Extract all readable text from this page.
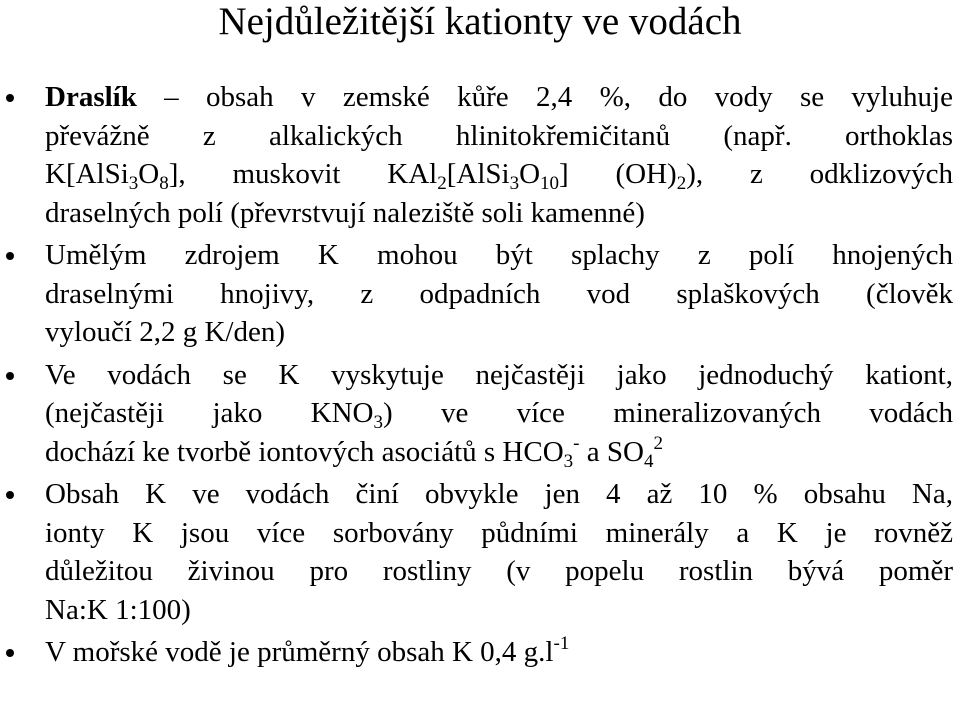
Nejdůležitější kationty ve vodách
Draslík – obsah v zemské kůře 2,4 %, do vody se vyluhuje
převážně z alkalických hlinitokřemičitanů (např. orthoklas
$K[AlSi_3O_8]$, muskovit $KAl_2[AlSi_3O_{10}]$ $(OH)_2$), z odklizových
draselných polí (převrstvují naleziště soli kamenné)
Umělým zdrojem K mohou být splachy z polí hnojených
draselnými hnojivy, z odpadních vod splaškových (člověk
vyloučí 2,2 g K/den)
Ve vodách se K vyskytuje nejčastěji jako jednoduchý kationt,
(nejčastěji jako $KNO_3$) ve více mineralizovaných vodách
dochází ke tvorbě iontových asociátů s $HCO_3^-$ a $SO_4^2$
Obsah K ve vodách činí obvykle jen 4 až 10 % obsahu Na,
ionty K jsou více sorbovány půdními minerály a K je rovněž
důležitou živinou pro rostliny (v popelu rostlin bývá poměr
Na:K 1:100)
V mořské vodě je průměrný obsah K 0,4 $g.l^{-1}$
